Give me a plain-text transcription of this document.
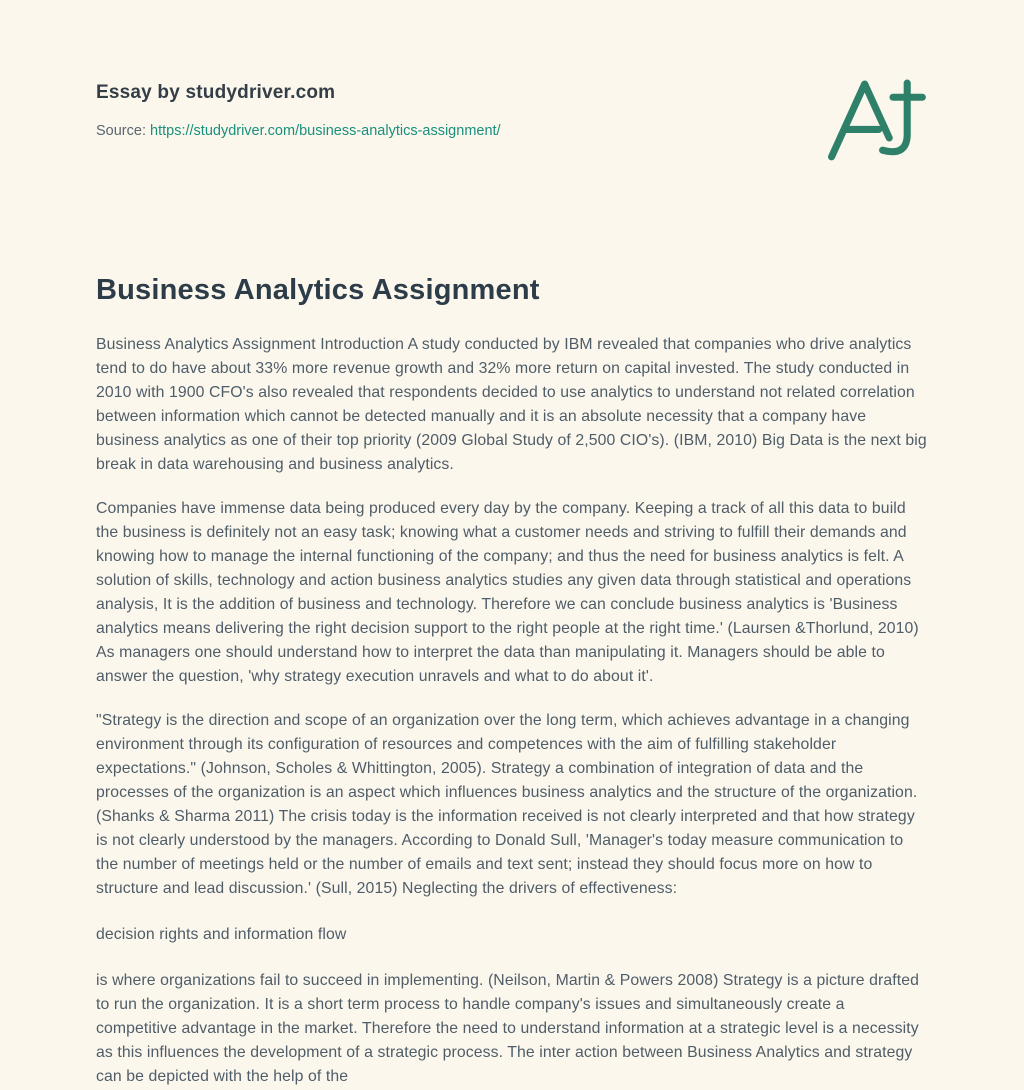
Essay by studydriver.com

Source: https://studydriver.com/business-analytics-assignment/

Business Analytics Assignment

Business Analytics Assignment Introduction A study conducted by IBM revealed that companies who drive analytics tend to do have about 33% more revenue growth and 32% more return on capital invested. The study conducted in 2010 with 1900 CFO's also revealed that respondents decided to use analytics to understand not related correlation between information which cannot be detected manually and it is an absolute necessity that a company have business analytics as one of their top priority (2009 Global Study of 2,500 CIO's). (IBM, 2010) Big Data is the next big break in data warehousing and business analytics.

Companies have immense data being produced every day by the company. Keeping a track of all this data to build the business is definitely not an easy task; knowing what a customer needs and striving to fulfill their demands and knowing how to manage the internal functioning of the company; and thus the need for business analytics is felt. A solution of skills, technology and action business analytics studies any given data through statistical and operations analysis, It is the addition of business and technology. Therefore we can conclude business analytics is 'Business analytics means delivering the right decision support to the right people at the right time.' (Laursen &Thorlund, 2010) As managers one should understand how to interpret the data than manipulating it. Managers should be able to answer the question, 'why strategy execution unravels and what to do about it'.

"Strategy is the direction and scope of an organization over the long term, which achieves advantage in a changing environment through its configuration of resources and competences with the aim of fulfilling stakeholder expectations." (Johnson, Scholes & Whittington, 2005). Strategy a combination of integration of data and the processes of the organization is an aspect which influences business analytics and the structure of the organization. (Shanks & Sharma 2011) The crisis today is the information received is not clearly interpreted and that how strategy is not clearly understood by the managers. According to Donald Sull, 'Manager's today measure communication to the number of meetings held or the number of emails and text sent; instead they should focus more on how to structure and lead discussion.' (Sull, 2015) Neglecting the drivers of effectiveness:

decision rights and information flow

is where organizations fail to succeed in implementing. (Neilson, Martin & Powers 2008) Strategy is a picture drafted to run the organization. It is a short term process to handle company's issues and simultaneously create a competitive advantage in the market. Therefore the need to understand information at a strategic level is a necessity as this influences the development of a strategic process. The inter action between Business Analytics and strategy can be depicted with the help of the
